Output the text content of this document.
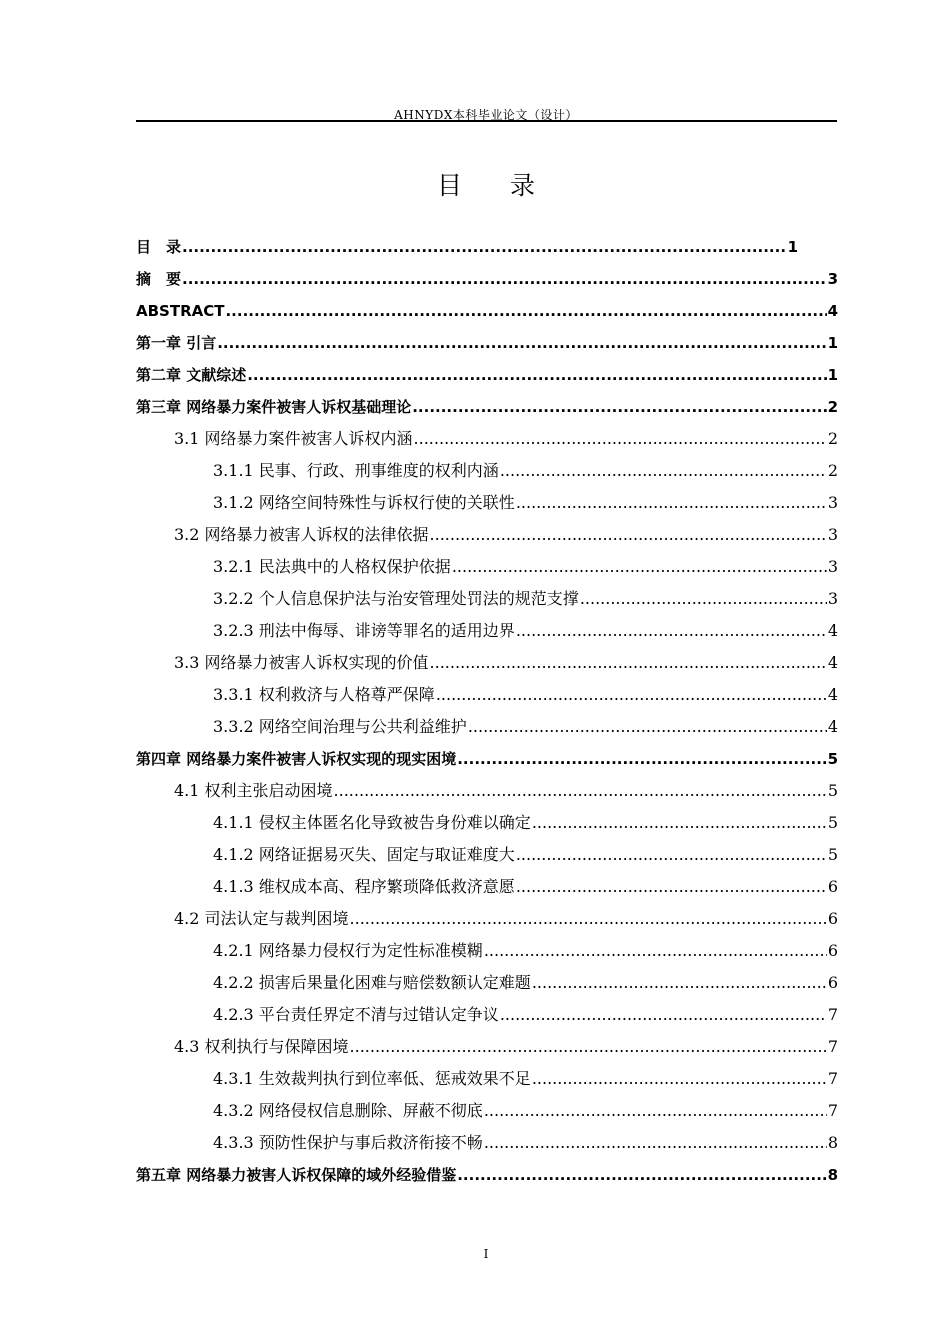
AHNYDX本科毕业论文（设计）
目 录
目　录 .....	1
摘　要 .....	3
ABSTRACT .....	4
第一章 引言 .....	1
第二章 文献综述 .....	1
第三章 网络暴力案件被害人诉权基础理论 .....	2
3.1 网络暴力案件被害人诉权内涵 .....	2
3.1.1 民事、行政、刑事维度的权利内涵 .....	2
3.1.2 网络空间特殊性与诉权行使的关联性 .....	3
3.2 网络暴力被害人诉权的法律依据 .....	3
3.2.1 民法典中的人格权保护依据 .....	3
3.2.2 个人信息保护法与治安管理处罚法的规范支撑 .....	3
3.2.3 刑法中侮辱、诽谤等罪名的适用边界 .....	4
3.3 网络暴力被害人诉权实现的价值 .....	4
3.3.1 权利救济与人格尊严保障 .....	4
3.3.2 网络空间治理与公共利益维护 .....	4
第四章 网络暴力案件被害人诉权实现的现实困境 .....	5
4.1 权利主张启动困境 .....	5
4.1.1 侵权主体匿名化导致被告身份难以确定 .....	5
4.1.2 网络证据易灭失、固定与取证难度大 .....	5
4.1.3 维权成本高、程序繁琐降低救济意愿 .....	6
4.2 司法认定与裁判困境 .....	6
4.2.1 网络暴力侵权行为定性标准模糊 .....	6
4.2.2 损害后果量化困难与赔偿数额认定难题 .....	6
4.2.3 平台责任界定不清与过错认定争议 .....	7
4.3 权利执行与保障困境 .....	7
4.3.1 生效裁判执行到位率低、惩戒效果不足 .....	7
4.3.2 网络侵权信息删除、屏蔽不彻底 .....	7
4.3.3 预防性保护与事后救济衔接不畅 .....	8
第五章 网络暴力被害人诉权保障的域外经验借鉴 .....	8
I
